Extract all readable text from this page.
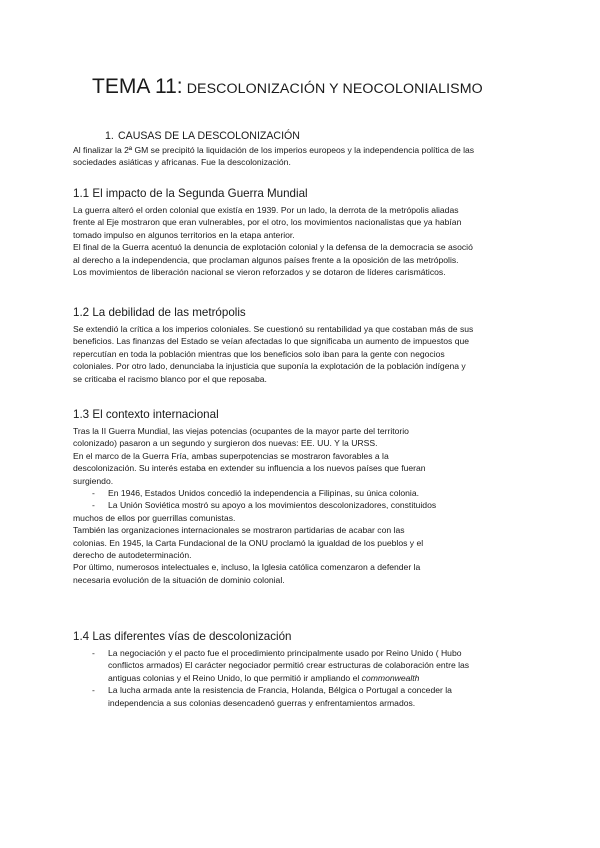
TEMA 11: DESCOLONIZACIÓN Y NEOCOLONIALISMO
1. CAUSAS DE LA DESCOLONIZACIÓN

Al finalizar la 2ª GM se precipitó la liquidación de los imperios europeos y la independencia política de las

sociedades asiáticas y africanas. Fue la descolonización.

1.1 El impacto de la Segunda Guerra Mundial

La guerra alteró el orden colonial que existía en 1939. Por un lado, la derrota de la metrópolis aliadas

frente al Eje mostraron que eran vulnerables, por el otro, los movimientos nacionalistas que ya habían

tomado impulso en algunos territorios en la etapa anterior.

El final de la Guerra acentuó la denuncia de explotación colonial y la defensa de la democracia se asoció

al derecho a la independencia, que proclaman algunos países frente a la oposición de las metrópolis.

Los movimientos de liberación nacional se vieron reforzados y se dotaron de líderes carismáticos.

1.2 La debilidad de las metrópolis

Se extendió la crítica a los imperios coloniales. Se cuestionó su rentabilidad ya que costaban más de sus

beneficios. Las finanzas del Estado se veían afectadas lo que significaba un aumento de impuestos que

repercutían en toda la población mientras que los beneficios solo iban para la gente con negocios

coloniales. Por otro lado, denunciaba la injusticia que suponía la explotación de la población indígena y

se criticaba el racismo blanco por el que reposaba.

1.3 El contexto internacional

Tras la II Guerra Mundial, las viejas potencias (ocupantes de la mayor parte del territorio

colonizado) pasaron a un segundo y surgieron dos nuevas: EE. UU. Y la URSS.

En el marco de la Guerra Fría, ambas superpotencias se mostraron favorables a la

descolonización. Su interés estaba en extender su influencia a los nuevos países que fueran

surgiendo.

- En 1946, Estados Unidos concedió la independencia a Filipinas, su única colonia.

- La Unión Soviética mostró su apoyo a los movimientos descolonizadores, constituidos

muchos de ellos por guerrillas comunistas.

También las organizaciones internacionales se mostraron partidarias de acabar con las

colonias. En 1945, la Carta Fundacional de la ONU proclamó la igualdad de los pueblos y el

derecho de autodeterminación.

Por último, numerosos intelectuales e, incluso, la Iglesia católica comenzaron a defender la

necesaria evolución de la situación de dominio colonial.

1.4 Las diferentes vías de descolonización
- La negociación y el pacto fue el procedimiento principalmente usado por Reino Unido ( Hubo

conflictos armados) El carácter negociador permitió crear estructuras de colaboración entre las

antiguas colonias y el Reino Unido, lo que permitió ir ampliando el commonwealth

- La lucha armada ante la resistencia de Francia, Holanda, Bélgica o Portugal a conceder la

independencia a sus colonias desencadenó guerras y enfrentamientos armados.
